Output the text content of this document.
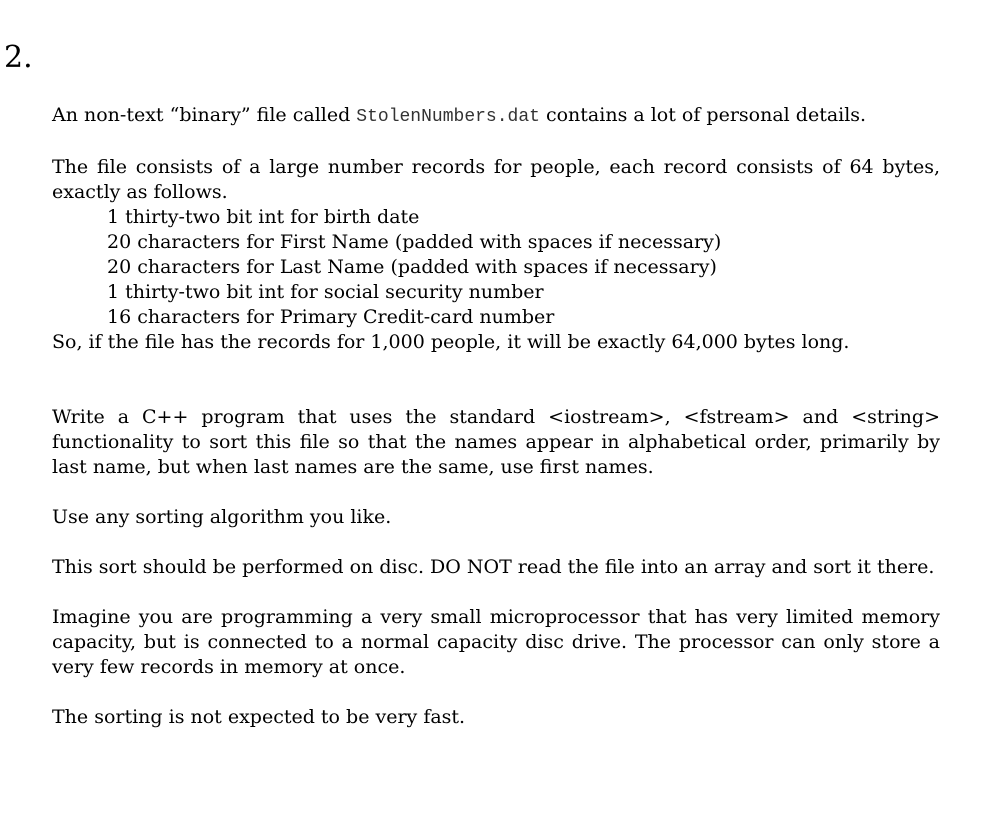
2.

An non-text “binary” file called StolenNumbers.dat contains a lot of personal details.

The file consists of a large number records for people, each record consists of 64 bytes, exactly as follows.

1 thirty-two bit int for birth date
20 characters for First Name (padded with spaces if necessary)
20 characters for Last Name (padded with spaces if necessary)
1 thirty-two bit int for social security number
16 characters for Primary Credit-card number

So, if the file has the records for 1,000 people, it will be exactly 64,000 bytes long.

Write a C++ program that uses the standard <iostream>, <fstream> and <string> functionality to sort this file so that the names appear in alphabetical order, primarily by last name, but when last names are the same, use first names.

Use any sorting algorithm you like.

This sort should be performed on disc. DO NOT read the file into an array and sort it there.

Imagine you are programming a very small microprocessor that has very limited memory capacity, but is connected to a normal capacity disc drive. The processor can only store a very few records in memory at once.

The sorting is not expected to be very fast.
